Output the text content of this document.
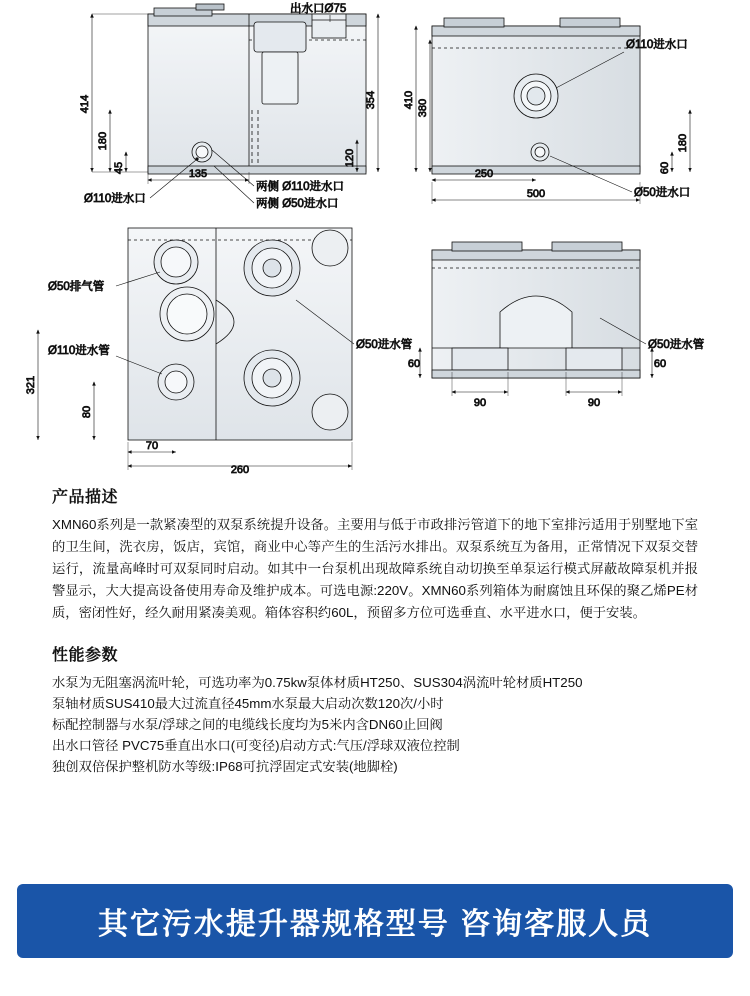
414
180
45	135
354
120
出水口Ø75
Ø110进水口
两侧 Ø110进水口
两侧 Ø50进水口
410 380
180
60
250
500
Ø110进水口
Ø50进水口
321
80
70
260
Ø50排气管
Ø110进水管	Ø50进水管
60	60
90	90
Ø50进水管
产品描述

XMN60系列是一款紧凑型的双泵系统提升设备。主要用与低于市政排污管道下的地下室排污适用于别墅地下室的卫生间，洗衣房，饭店，宾馆，商业中心等产生的生活污水排出。双泵系统互为备用，正常情况下双泵交替运行，流量高峰时可双泵同时启动。如其中一台泵机出现故障系统自动切换至单泵运行模式屏蔽故障泵机并报警显示，大大提高设备使用寿命及维护成本。可选电源:220V。XMN60系列箱体为耐腐蚀且环保的聚乙烯PE材质，密闭性好，经久耐用紧凑美观。箱体容积约60L，预留多方位可选垂直、水平进水口，便于安装。

性能参数
水泵为无阻塞涡流叶轮，可选功率为0.75kw泵体材质HT250、SUS304涡流叶轮材质HT250
泵轴材质SUS410最大过流直径45mm水泵最大启动次数120次/小时
标配控制器与水泵/浮球之间的电缆线长度均为5米内含DN60止回阀
出水口管径 PVC75垂直出水口(可变径)启动方式:气压/浮球双液位控制
独创双倍保护整机防水等级:IP68可抗浮固定式安装(地脚栓)
其它污水提升器规格型号 咨询客服人员
